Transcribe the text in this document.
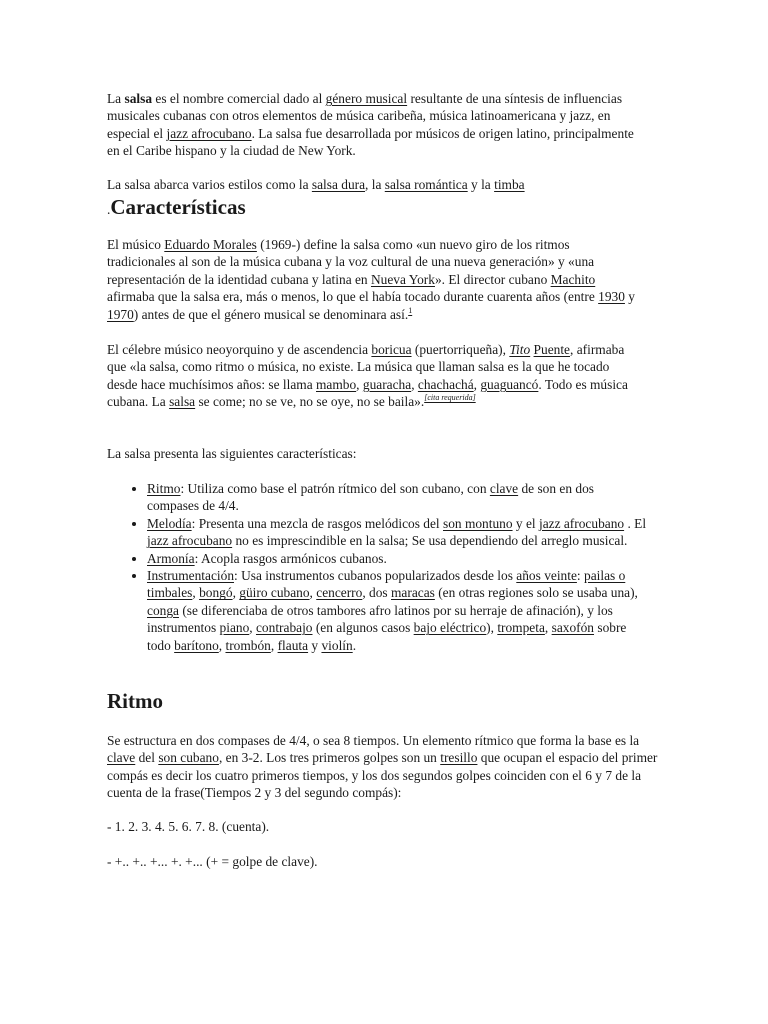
La salsa es el nombre comercial dado al género musical resultante de una síntesis de influencias musicales cubanas con otros elementos de música caribeña, música latinoamericana y jazz, en especial el jazz afrocubano. La salsa fue desarrollada por músicos de origen latino, principalmente en el Caribe hispano y la ciudad de New York.

La salsa abarca varios estilos como la salsa dura, la salsa romántica y la timba

.Características

El músico Eduardo Morales (1969-) define la salsa como «un nuevo giro de los ritmos tradicionales al son de la música cubana y la voz cultural de una nueva generación» y «una representación de la identidad cubana y latina en Nueva York». El director cubano Machito afirmaba que la salsa era, más o menos, lo que el había tocado durante cuarenta años (entre 1930 y 1970) antes de que el género musical se denominara así.$^1$

El célebre músico neoyorquino y de ascendencia boricua (puertorriqueña), Tito Puente, afirmaba que «la salsa, como ritmo o música, no existe. La música que llaman salsa es la que he tocado desde hace muchísimos años: se llama mambo, guaracha, chachachá, guaguancó. Todo es música cubana. La salsa se come; no se ve, no se oye, no se baila».[cita requerida]

La salsa presenta las siguientes características:

• Ritmo: Utiliza como base el patrón rítmico del son cubano, con clave de son en dos compases de 4/4.
• Melodía: Presenta una mezcla de rasgos melódicos del son montuno y el jazz afrocubano . El jazz afrocubano no es imprescindible en la salsa; Se usa dependiendo del arreglo musical.
• Armonía: Acopla rasgos armónicos cubanos.
• Instrumentación: Usa instrumentos cubanos popularizados desde los años veinte: pailas o timbales, bongó, güiro cubano, cencerro, dos maracas (en otras regiones solo se usaba una), conga (se diferenciaba de otros tambores afro latinos por su herraje de afinación), y los instrumentos piano, contrabajo (en algunos casos bajo eléctrico), trompeta, saxofón sobre todo barítono, trombón, flauta y violín.
Ritmo

Se estructura en dos compases de 4/4, o sea 8 tiempos. Un elemento rítmico que forma la base es la clave del son cubano, en 3-2. Los tres primeros golpes son un tresillo que ocupan el espacio del primer compás es decir los cuatro primeros tiempos, y los dos segundos golpes coinciden con el 6 y 7 de la cuenta de la frase(Tiempos 2 y 3 del segundo compás):

- 1. 2. 3. 4. 5. 6. 7. 8. (cuenta).

- +.. +.. +... +. +... (+ = golpe de clave).
